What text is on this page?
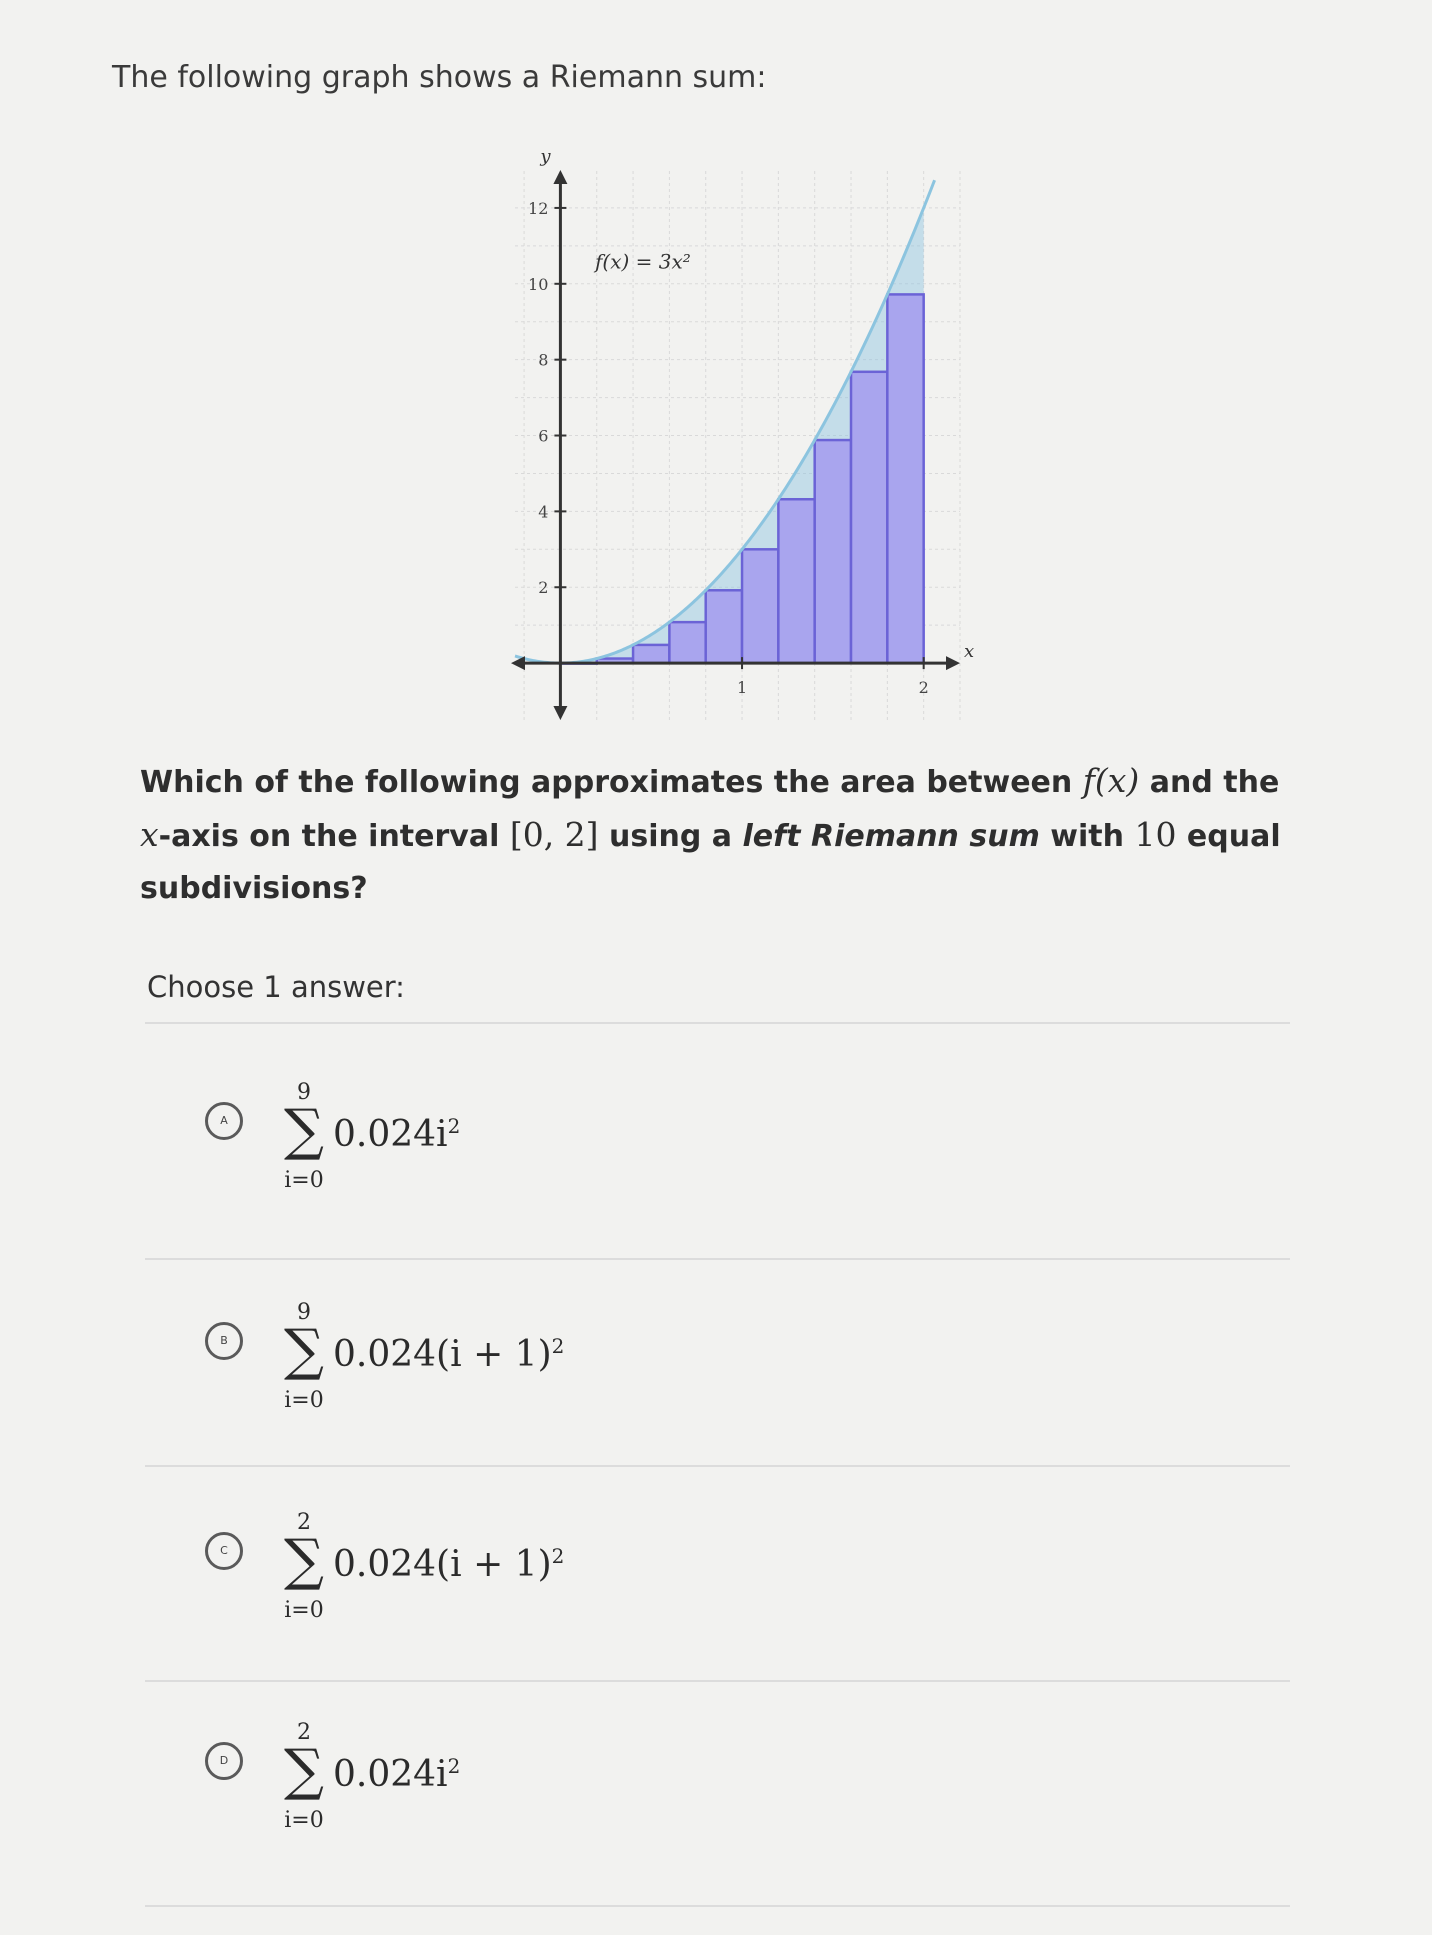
The following graph shows a Riemann sum:
2
4
6
8
10
12
1	2
y
x
f(x) = 3x²
Which of the following approximates the area between f(x) and the x-axis on the interval [0, 2] using a left Riemann sum with 10 equal subdivisions?
Choose 1 answer:
A
9
∑
i=0
$0.024i^2$
B
9
∑
i=0
$0.024(i + 1)^2$
C
2
∑
i=0
$0.024(i + 1)^2$
D
2
∑
i=0
$0.024i^2$
